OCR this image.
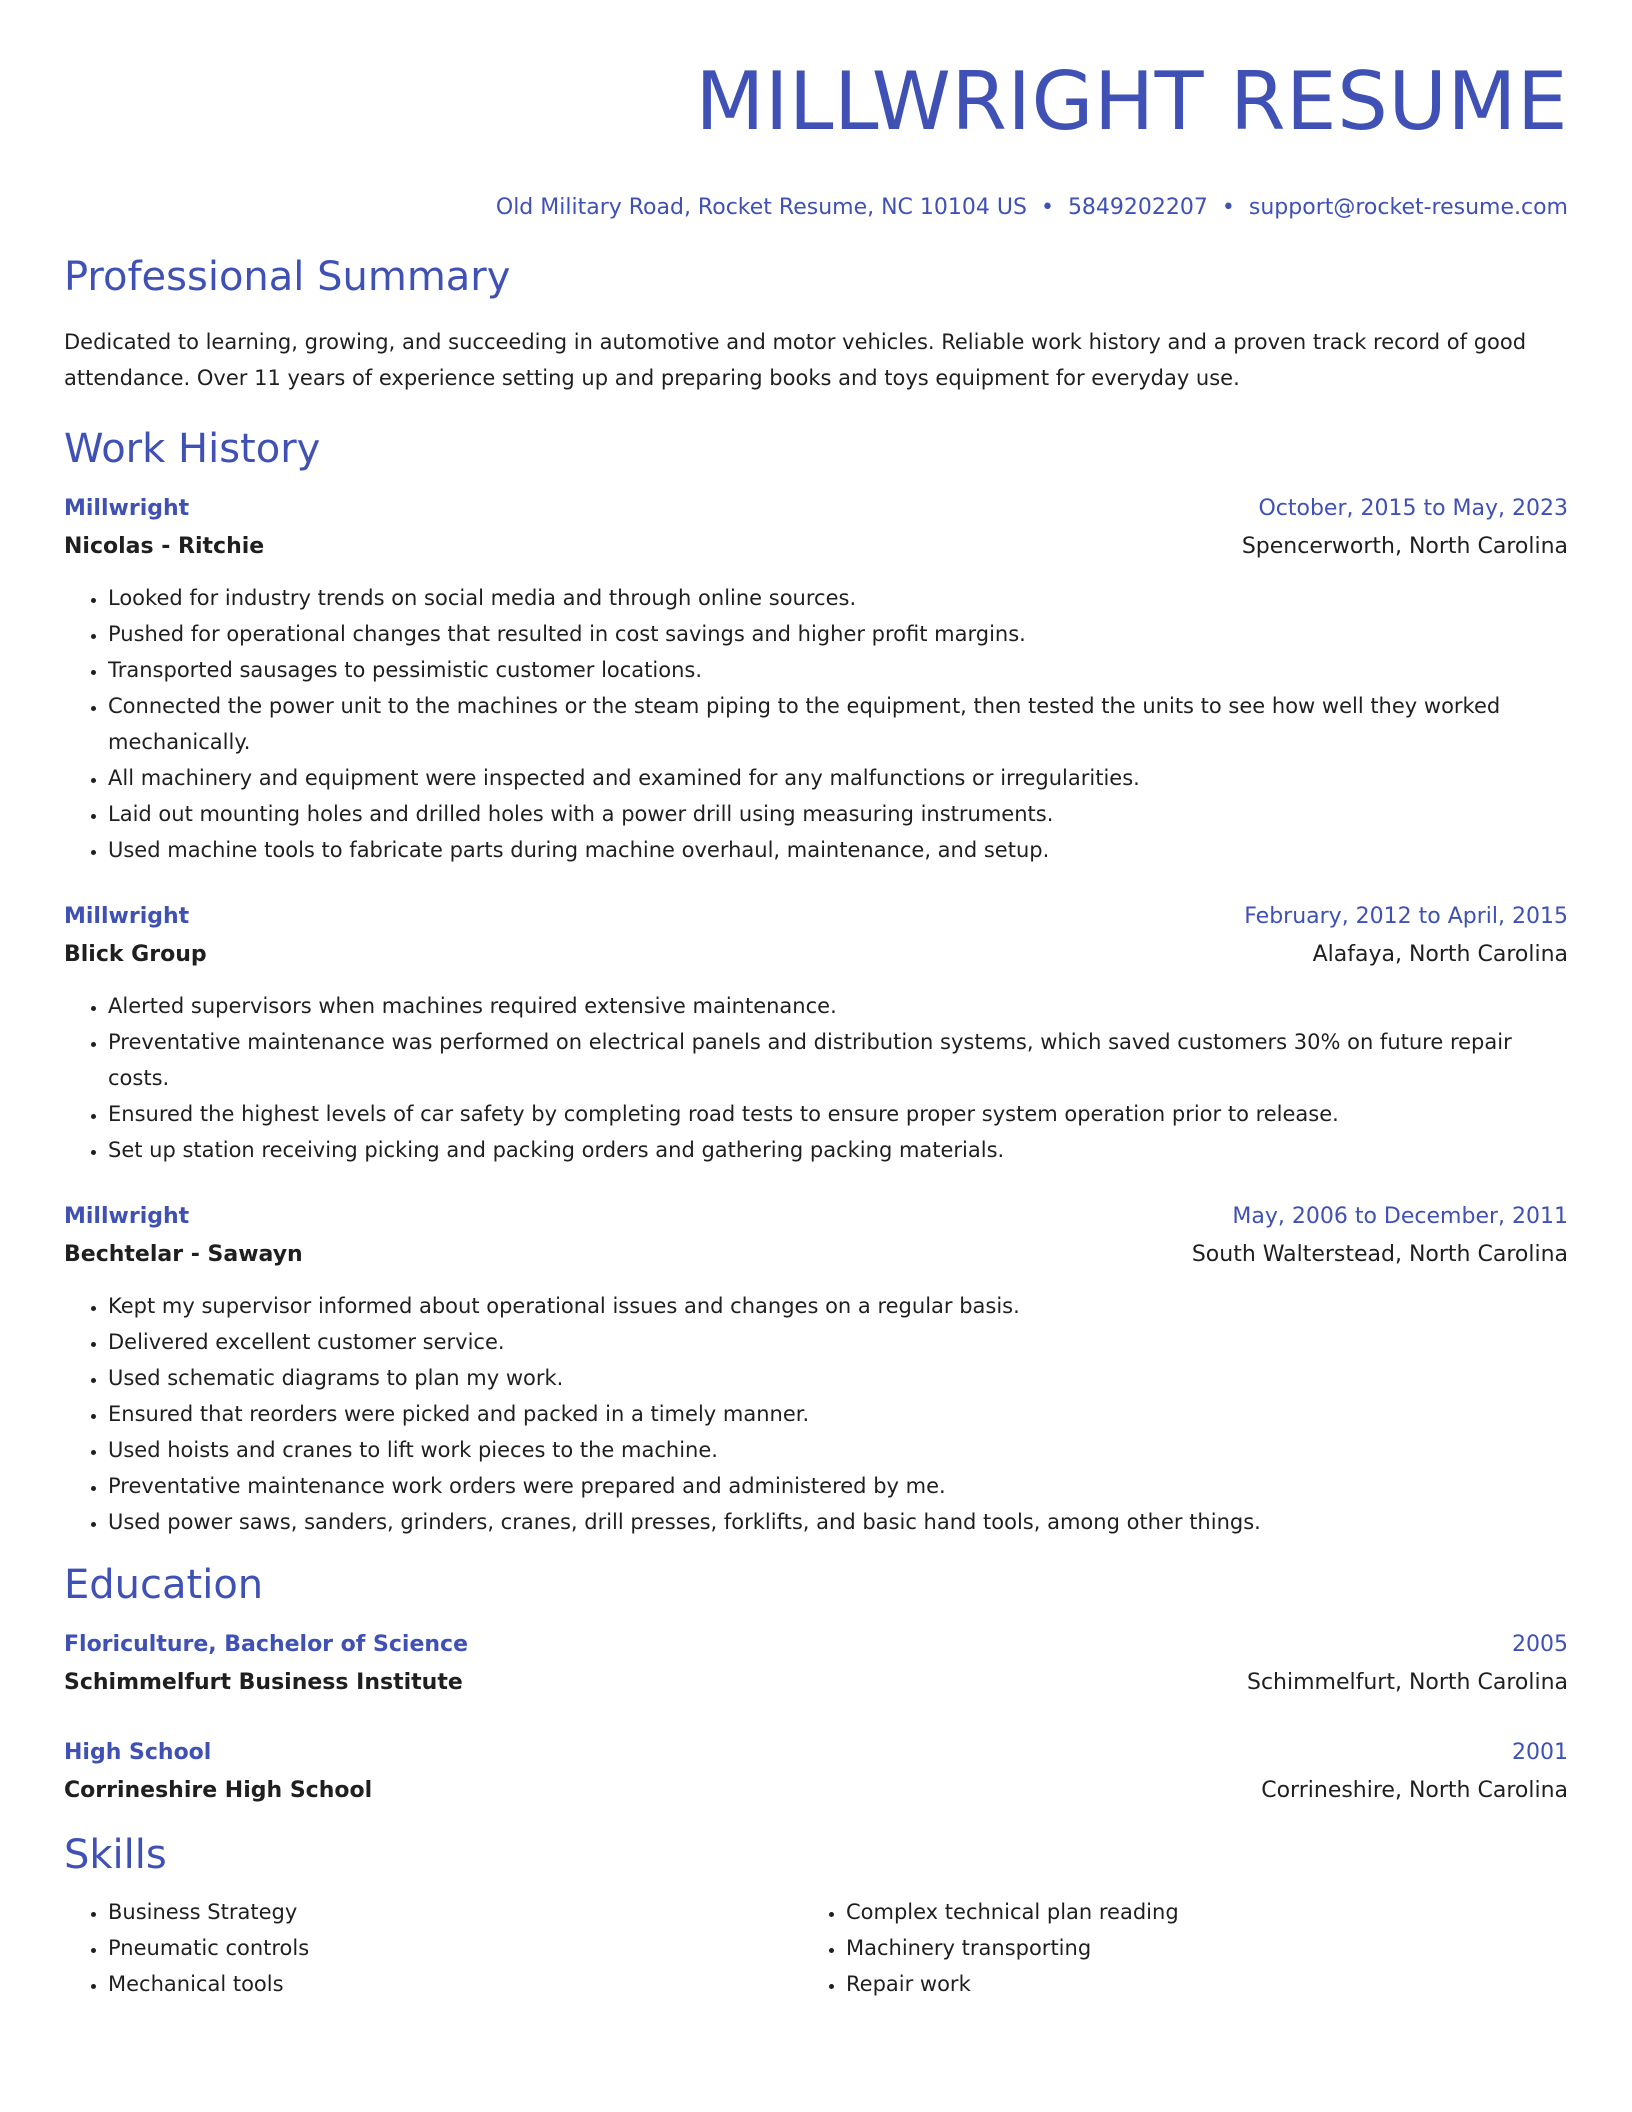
MILLWRIGHT RESUME
Old Military Road, Rocket Resume, NC 10104 US • 5849202207 • support@rocket-resume.com
Professional Summary
Dedicated to learning, growing, and succeeding in automotive and motor vehicles. Reliable work history and a proven track record of good attendance. Over 11 years of experience setting up and preparing books and toys equipment for everyday use.
Work History
Millwright	October, 2015 to May, 2023
Nicolas - Ritchie	Spencerworth, North Carolina
• Looked for industry trends on social media and through online sources.
• Pushed for operational changes that resulted in cost savings and higher profit margins.
• Transported sausages to pessimistic customer locations.
• Connected the power unit to the machines or the steam piping to the equipment, then tested the units to see how well they worked mechanically.
• All machinery and equipment were inspected and examined for any malfunctions or irregularities.
• Laid out mounting holes and drilled holes with a power drill using measuring instruments.
• Used machine tools to fabricate parts during machine overhaul, maintenance, and setup.
Millwright	February, 2012 to April, 2015
Blick Group	Alafaya, North Carolina
• Alerted supervisors when machines required extensive maintenance.
• Preventative maintenance was performed on electrical panels and distribution systems, which saved customers 30% on future repair costs.
• Ensured the highest levels of car safety by completing road tests to ensure proper system operation prior to release.
• Set up station receiving picking and packing orders and gathering packing materials.
Millwright	May, 2006 to December, 2011
Bechtelar - Sawayn	South Walterstead, North Carolina
• Kept my supervisor informed about operational issues and changes on a regular basis.
• Delivered excellent customer service.
• Used schematic diagrams to plan my work.
• Ensured that reorders were picked and packed in a timely manner.
• Used hoists and cranes to lift work pieces to the machine.
• Preventative maintenance work orders were prepared and administered by me.
• Used power saws, sanders, grinders, cranes, drill presses, forklifts, and basic hand tools, among other things.
Education
Floriculture, Bachelor of Science	2005
Schimmelfurt Business Institute	Schimmelfurt, North Carolina
High School	2001
Corrineshire High School	Corrineshire, North Carolina
Skills
• Business Strategy
• Pneumatic controls
• Mechanical tools
• Complex technical plan reading
• Machinery transporting
• Repair work
